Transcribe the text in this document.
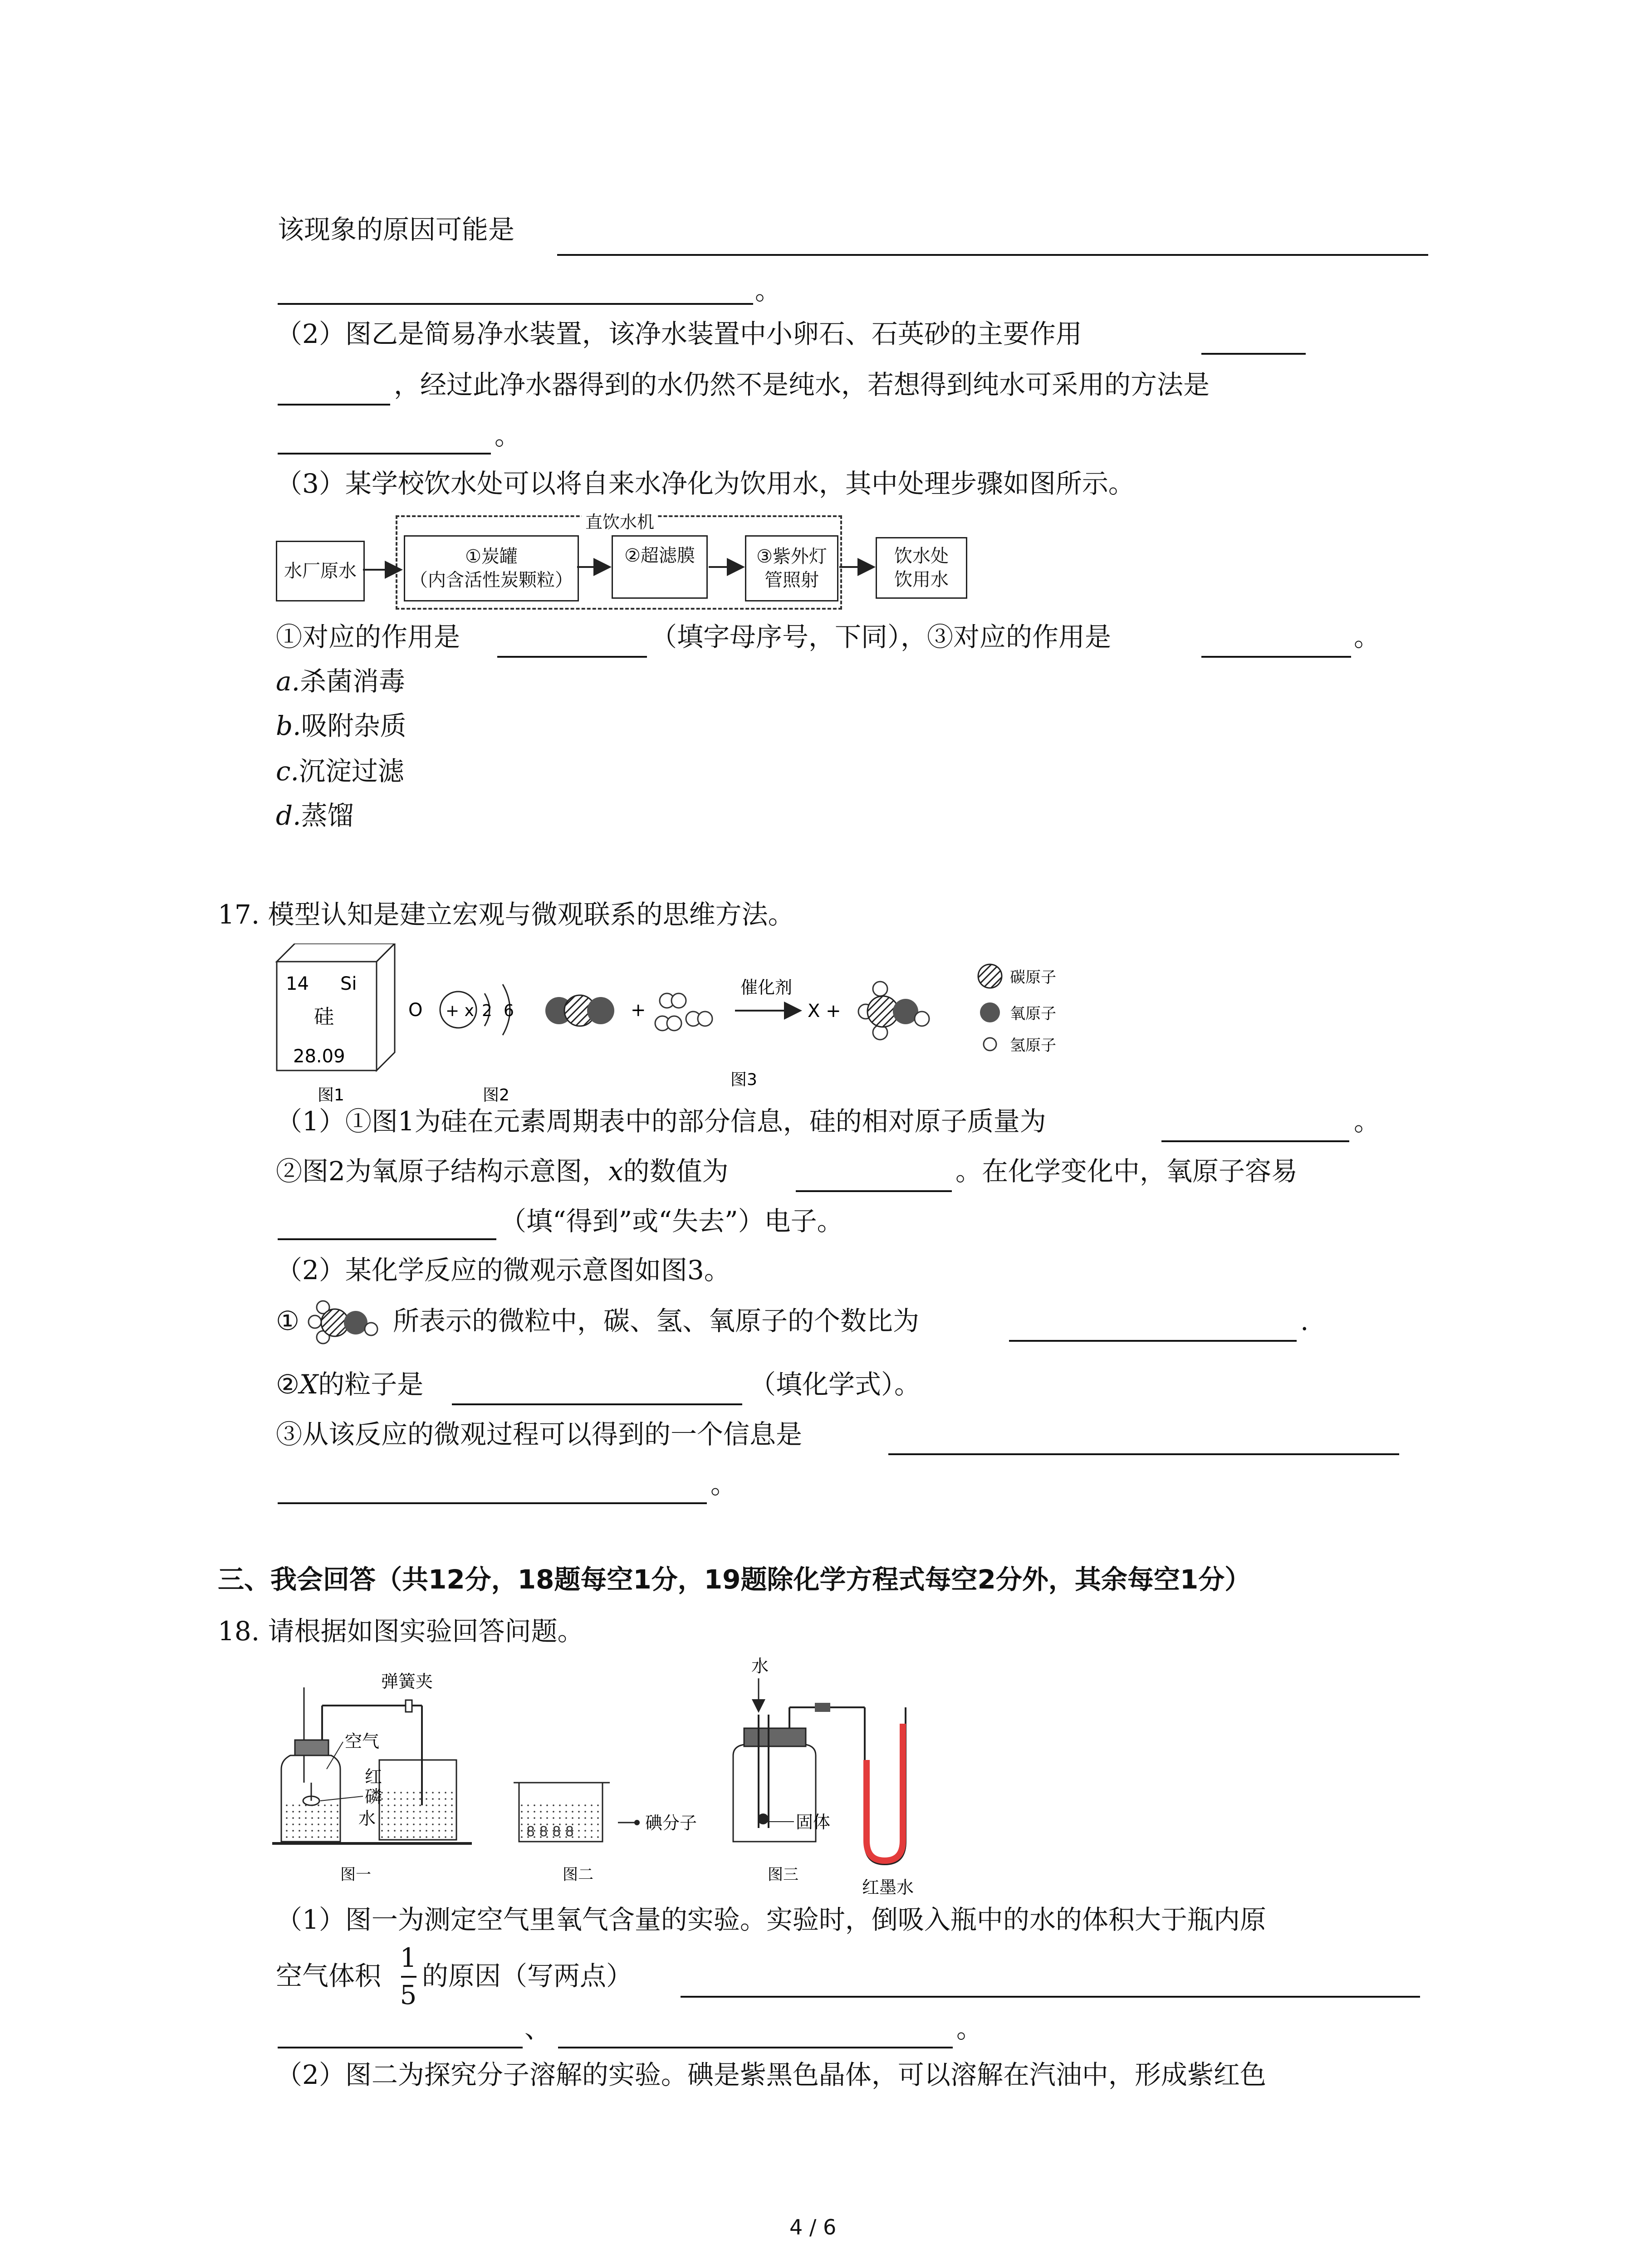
该现象的原因可能是
。
（2）图乙是简易净水装置，该净水装置中小卵石、石英砂的主要作用
，经过此净水器得到的水仍然不是纯水，若想得到纯水可采用的方法是
。
（3）某学校饮水处可以将自来水净化为饮用水，其中处理步骤如图所示。
直饮水机
水厂原水
①炭罐
（内含活性炭颗粒）
②超滤膜	③紫外灯
管照射
饮水处
饮用水
①对应的作用是	（填字母序号，下同），③对应的作用是	。
a.杀菌消毒
b.吸附杂质
c.沉淀过滤
d.蒸馏
17. 模型认知是建立宏观与微观联系的思维方法。
14 Si
硅
28.09
图1
O + x 2 6
图2
+
催化剂
X +
图3
碳原子
氧原子
氢原子
（1）①图1为硅在元素周期表中的部分信息，硅的相对原子质量为	。
②图2为氧原子结构示意图，x的数值为	。在化学变化中，氧原子容易
（填“得到”或“失去”）电子。
（2）某化学反应的微观示意图如图3。
①	所表示的微粒中，碳、氢、氧原子的个数比为	.
②X的粒子是	（填化学式）。
③从该反应的微观过程可以得到的一个信息是
。
三、我会回答（共12分，18题每空1分，19题除化学方程式每空2分外，其余每空1分）
18. 请根据如图实验回答问题。
弹簧夹
空气
红
磷
水
图一
8 8 8 8	碘分子
图二
水
固体
红墨水
图三
（1）图一为测定空气里氧气含量的实验。实验时，倒吸入瓶中的水的体积大于瓶内原
空气体积
1
5
的原因（写两点）
、	。
（2）图二为探究分子溶解的实验。碘是紫黑色晶体，可以溶解在汽油中，形成紫红色
4 / 6
